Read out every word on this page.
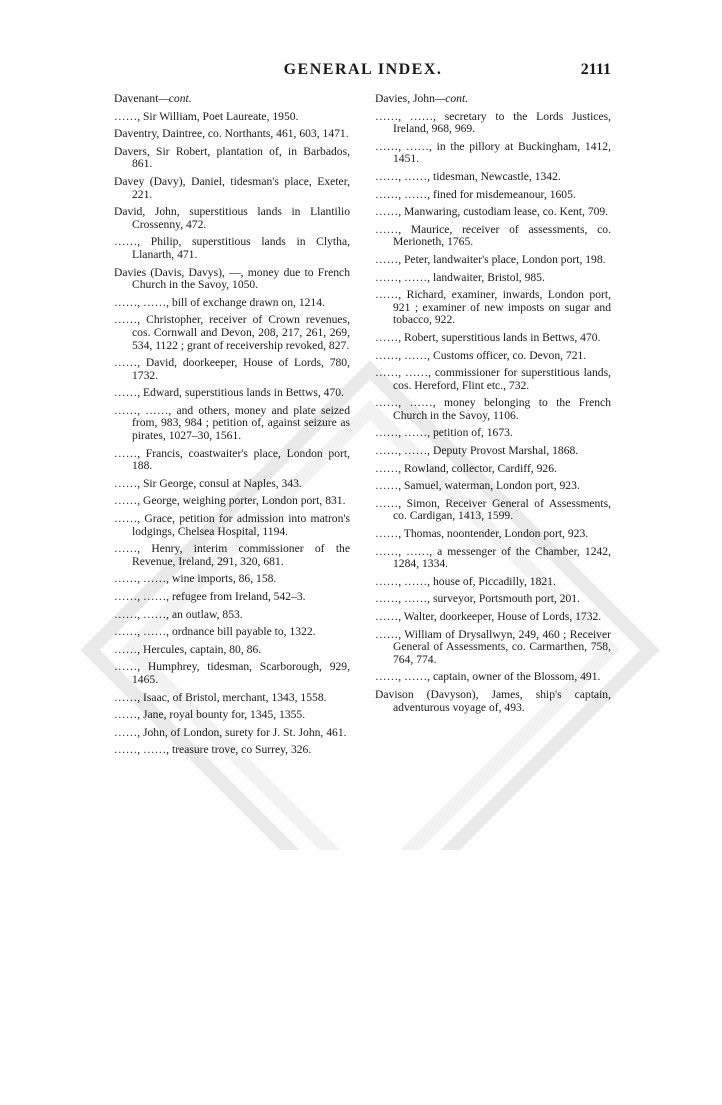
GENERAL INDEX.	2111
Davenant—cont.
……, Sir William, Poet Laureate, 1950.
Daventry, Daintree, co. Northants, 461, 603, 1471.
Davers, Sir Robert, plantation of, in Barbados, 861.
Davey (Davy), Daniel, tidesman's place, Exeter, 221.
David, John, superstitious lands in Llantilio Crossenny, 472.
……, Philip, superstitious lands in Clytha, Llanarth, 471.
Davies (Davis, Davys), —, money due to French Church in the Savoy, 1050.
……, ……, bill of exchange drawn on, 1214.
……, Christopher, receiver of Crown revenues, cos. Cornwall and Devon, 208, 217, 261, 269, 534, 1122 ; grant of receivership revoked, 827.
……, David, doorkeeper, House of Lords, 780, 1732.
……, Edward, superstitious lands in Bettws, 470.
……, ……, and others, money and plate seized from, 983, 984 ; petition of, against seizure as pirates, 1027–30, 1561.
……, Francis, coastwaiter's place, London port, 188.
……, Sir George, consul at Naples, 343.
……, George, weighing porter, London port, 831.
……, Grace, petition for admission into matron's lodgings, Chelsea Hospital, 1194.
……, Henry, interim commissioner of the Revenue, Ireland, 291, 320, 681.
……, ……, wine imports, 86, 158.
……, ……, refugee from Ireland, 542–3.
……, ……, an outlaw, 853.
……, ……, ordnance bill payable to, 1322.
……, Hercules, captain, 80, 86.
……, Humphrey, tidesman, Scarborough, 929, 1465.
……, Isaac, of Bristol, merchant, 1343, 1558.
……, Jane, royal bounty for, 1345, 1355.
……, John, of London, surety for J. St. John, 461.
……, ……, treasure trove, co Surrey, 326.
Davies, John—cont.
……, ……, secretary to the Lords Justices, Ireland, 968, 969.
……, ……, in the pillory at Buckingham, 1412, 1451.
……, ……, tidesman, Newcastle, 1342.
……, ……, fined for misdemeanour, 1605.
……, Manwaring, custodiam lease, co. Kent, 709.
……, Maurice, receiver of assessments, co. Merioneth, 1765.
……, Peter, landwaiter's place, London port, 198.
……, ……, landwaiter, Bristol, 985.
……, Richard, examiner, inwards, London port, 921 ; examiner of new imposts on sugar and tobacco, 922.
……, Robert, superstitious lands in Bettws, 470.
……, ……, Customs officer, co. Devon, 721.
……, ……, commissioner for superstitious lands, cos. Hereford, Flint etc., 732.
……, ……, money belonging to the French Church in the Savoy, 1106.
……, ……, petition of, 1673.
……, ……, Deputy Provost Marshal, 1868.
……, Rowland, collector, Cardiff, 926.
……, Samuel, waterman, London port, 923.
……, Simon, Receiver General of Assessments, co. Cardigan, 1413, 1599.
……, Thomas, noontender, London port, 923.
……, ……, a messenger of the Chamber, 1242, 1284, 1334.
……, ……, house of, Piccadilly, 1821.
……, ……, surveyor, Portsmouth port, 201.
……, Walter, doorkeeper, House of Lords, 1732.
……, William of Drysallwyn, 249, 460 ; Receiver General of Assessments, co. Carmarthen, 758, 764, 774.
……, ……, captain, owner of the Blossom, 491.
Davison (Davyson), James, ship's captain, adventurous voyage of, 493.
